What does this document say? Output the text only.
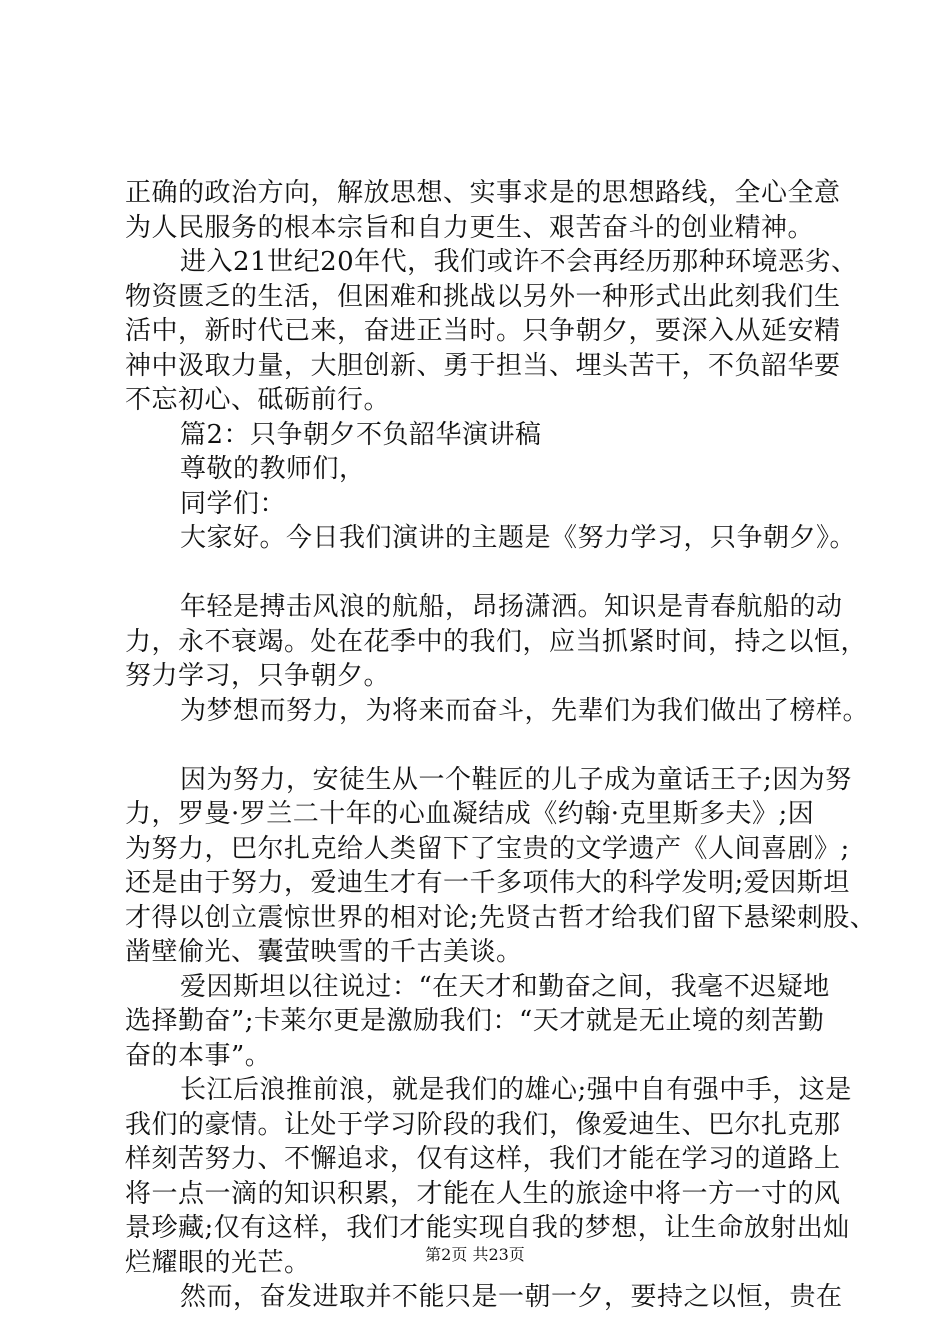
正确的政治方向，解放思想、实事求是的思想路线，全心全意
为人民服务的根本宗旨和自力更生、艰苦奋斗的创业精神。
进入21世纪20年代，我们或许不会再经历那种环境恶劣、
物资匮乏的生活，但困难和挑战以另外一种形式出此刻我们生
活中，新时代已来，奋进正当时。只争朝夕，要深入从延安精
神中汲取力量，大胆创新、勇于担当、埋头苦干，不负韶华要
不忘初心、砥砺前行。
篇2：只争朝夕不负韶华演讲稿
尊敬的教师们，
同学们：
大家好。今日我们演讲的主题是《努力学习，只争朝夕》。
年轻是搏击风浪的航船，昂扬潇洒。知识是青春航船的动
力，永不衰竭。处在花季中的我们，应当抓紧时间，持之以恒，
努力学习，只争朝夕。
为梦想而努力，为将来而奋斗，先辈们为我们做出了榜样。
因为努力，安徒生从一个鞋匠的儿子成为童话王子;因为努
力，罗曼·罗兰二十年的心血凝结成《约翰·克里斯多夫》;因
为努力，巴尔扎克给人类留下了宝贵的文学遗产《人间喜剧》;
还是由于努力，爱迪生才有一千多项伟大的科学发明;爱因斯坦
才得以创立震惊世界的相对论;先贤古哲才给我们留下悬梁刺股、
凿壁偷光、囊萤映雪的千古美谈。
爱因斯坦以往说过：“在天才和勤奋之间，我毫不迟疑地
选择勤奋”;卡莱尔更是激励我们：“天才就是无止境的刻苦勤
奋的本事”。
长江后浪推前浪，就是我们的雄心;强中自有强中手，这是
我们的豪情。让处于学习阶段的我们，像爱迪生、巴尔扎克那
样刻苦努力、不懈追求，仅有这样，我们才能在学习的道路上
将一点一滴的知识积累，才能在人生的旅途中将一方一寸的风
景珍藏;仅有这样，我们才能实现自我的梦想，让生命放射出灿
烂耀眼的光芒。
然而，奋发进取并不能只是一朝一夕，要持之以恒，贵在
第2页 共23页
